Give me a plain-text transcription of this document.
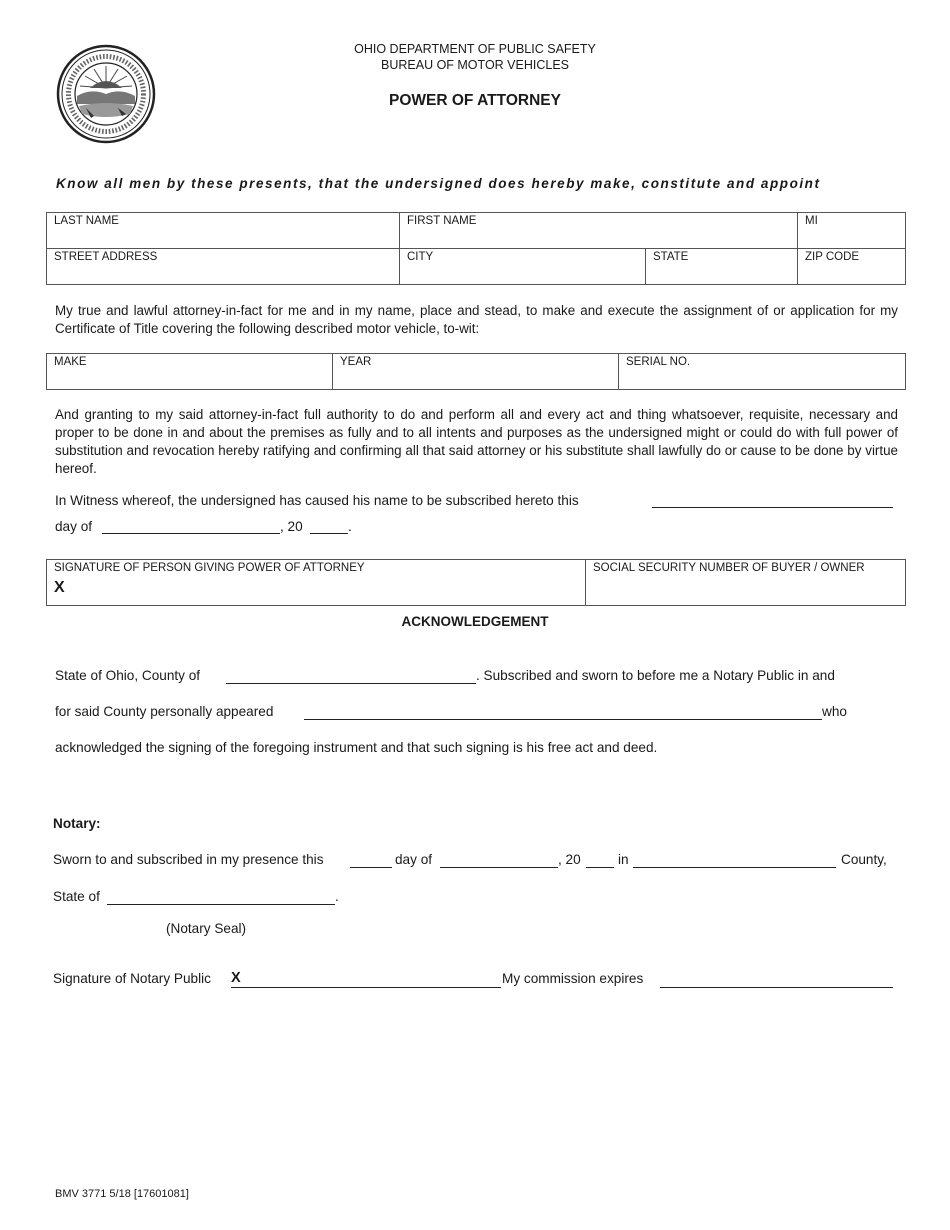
OHIO DEPARTMENT OF PUBLIC SAFETY
BUREAU OF MOTOR VEHICLES
POWER OF ATTORNEY
Know all men by these presents, that the undersigned does hereby make, constitute and appoint
LAST NAME	FIRST NAME		MI
STREET ADDRESS	CITY	STATE	ZIP CODE
My true and lawful attorney-in-fact for me and in my name, place and stead, to make and execute the assignment of or application for my Certificate of Title covering the following described motor vehicle, to-wit:
MAKE	YEAR	SERIAL NO.
And granting to my said attorney-in-fact full authority to do and perform all and every act and thing whatsoever, requisite, necessary and proper to be done in and about the premises as fully and to all intents and purposes as the undersigned might or could do with full power of substitution and revocation hereby ratifying and confirming all that said attorney or his substitute shall lawfully do or cause to be done by virtue hereof.
In Witness whereof, the undersigned has caused his name to be subscribed hereto this
day of	, 20	.
SIGNATURE OF PERSON GIVING POWER OF ATTORNEY
X
	SOCIAL SECURITY NUMBER OF BUYER / OWNER
ACKNOWLEDGEMENT
State of Ohio, County of	. Subscribed and sworn to before me a Notary Public in and
for said County personally appeared	who
acknowledged the signing of the foregoing instrument and that such signing is his free act and deed.
Notary:
Sworn to and subscribed in my presence this	day of	, 20	in	County,
State of	.
(Notary Seal)
Signature of Notary Public X	My commission expires
BMV 3771 5/18 [17601081]
